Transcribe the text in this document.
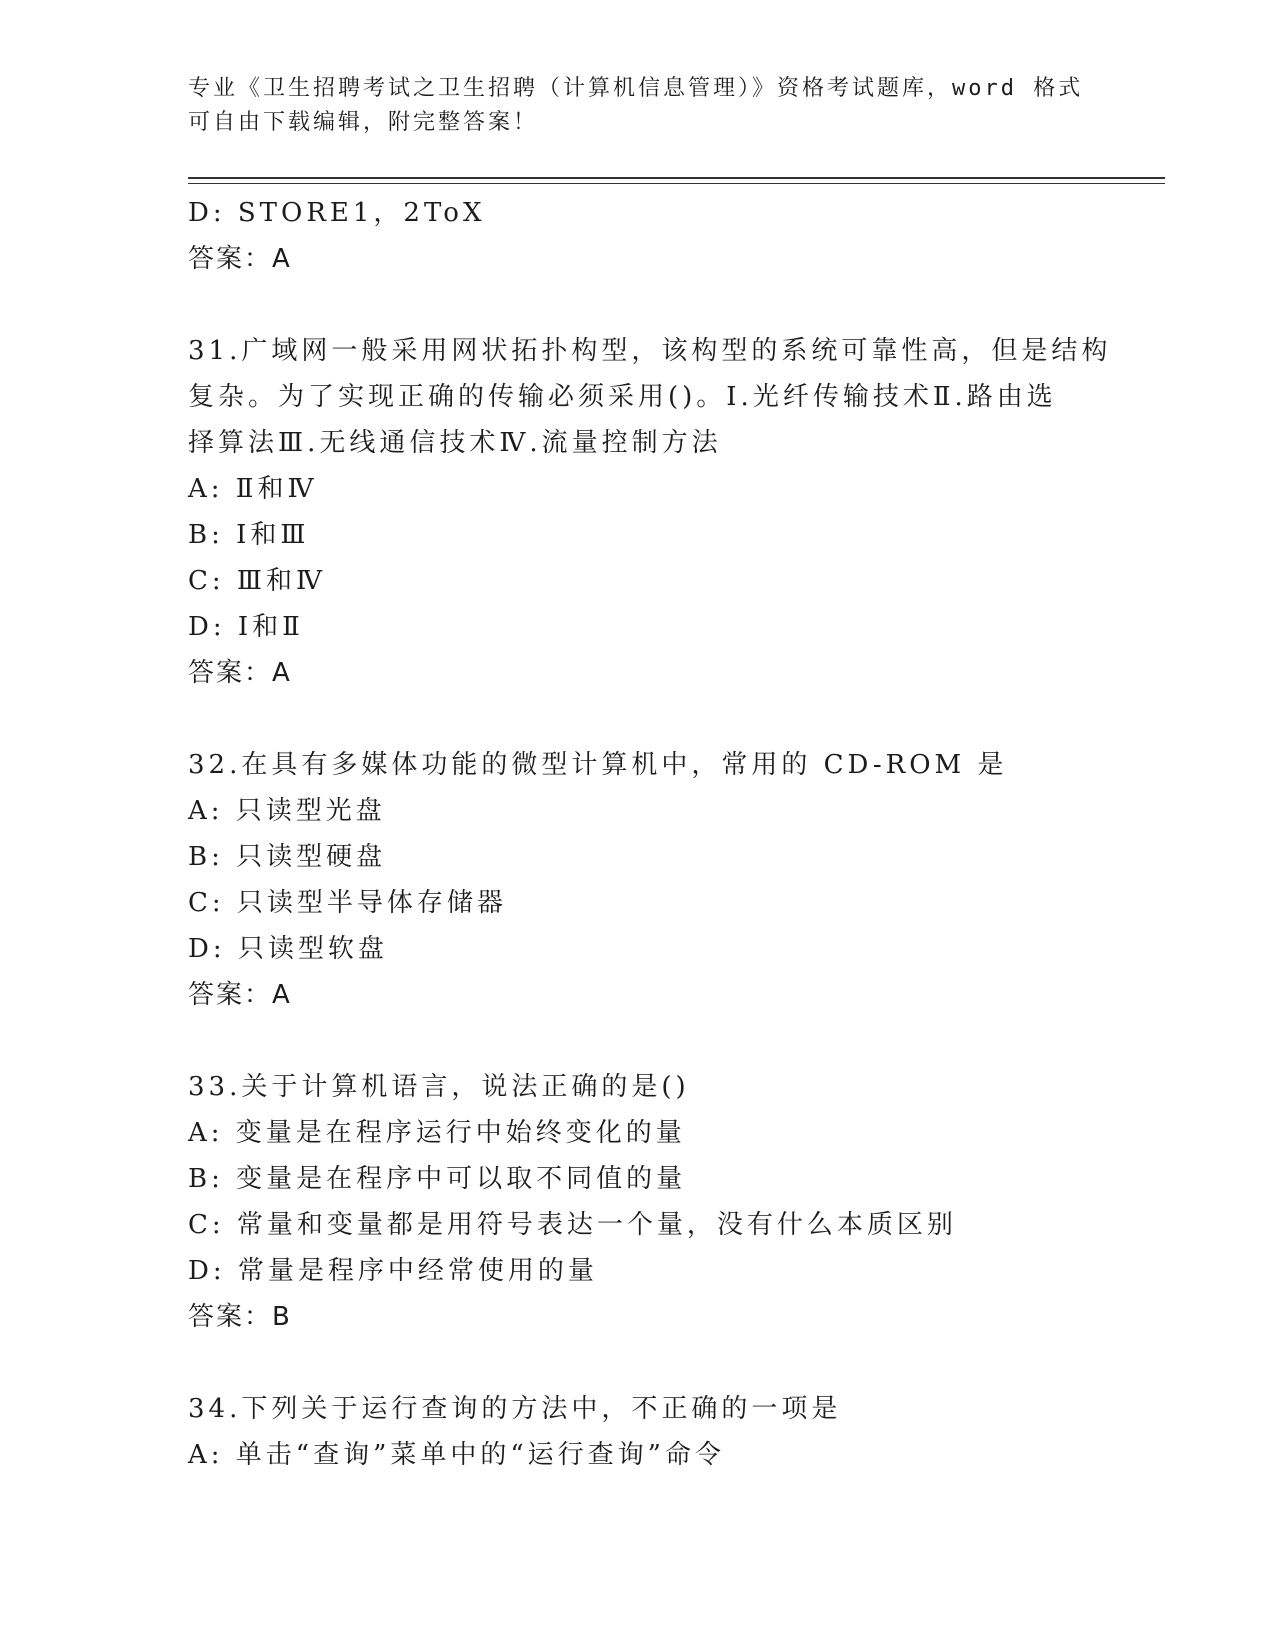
专业《卫生招聘考试之卫生招聘（计算机信息管理）》资格考试题库，word 格式
可自由下载编辑，附完整答案！
D: STORE1，2ToX
答案：A
31.广域网一般采用网状拓扑构型，该构型的系统可靠性高，但是结构
复杂。为了实现正确的传输必须采用()。Ⅰ.光纤传输技术Ⅱ.路由选
择算法Ⅲ.无线通信技术Ⅳ.流量控制方法
A: Ⅱ和Ⅳ
B: Ⅰ和Ⅲ
C: Ⅲ和Ⅳ
D: Ⅰ和Ⅱ
答案：A
32.在具有多媒体功能的微型计算机中，常用的 CD-ROM 是
A: 只读型光盘
B: 只读型硬盘
C: 只读型半导体存储器
D: 只读型软盘
答案：A
33.关于计算机语言，说法正确的是()
A: 变量是在程序运行中始终变化的量
B: 变量是在程序中可以取不同值的量
C: 常量和变量都是用符号表达一个量，没有什么本质区别
D: 常量是程序中经常使用的量
答案：B
34.下列关于运行查询的方法中，不正确的一项是
A: 单击“查询”菜单中的“运行查询”命令
